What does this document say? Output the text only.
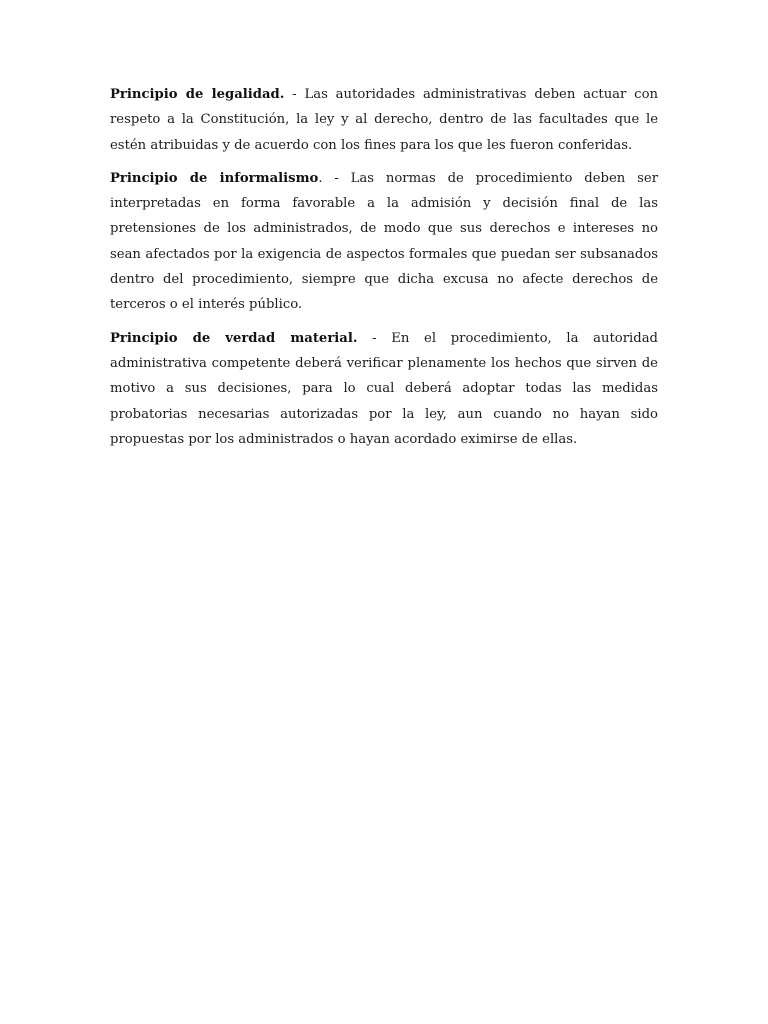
Principio de legalidad. - Las autoridades administrativas deben actuar con respeto a la Constitución, la ley y al derecho, dentro de las facultades que le estén atribuidas y de acuerdo con los fines para los que les fueron conferidas.

Principio de informalismo. - Las normas de procedimiento deben ser interpretadas en forma favorable a la admisión y decisión final de las pretensiones de los administrados, de modo que sus derechos e intereses no sean afectados por la exigencia de aspectos formales que puedan ser subsanados dentro del procedimiento, siempre que dicha excusa no afecte derechos de terceros o el interés público.

Principio de verdad material. - En el procedimiento, la autoridad administrativa competente deberá verificar plenamente los hechos que sirven de motivo a sus decisiones, para lo cual deberá adoptar todas las medidas probatorias necesarias autorizadas por la ley, aun cuando no hayan sido propuestas por los administrados o hayan acordado eximirse de ellas.
